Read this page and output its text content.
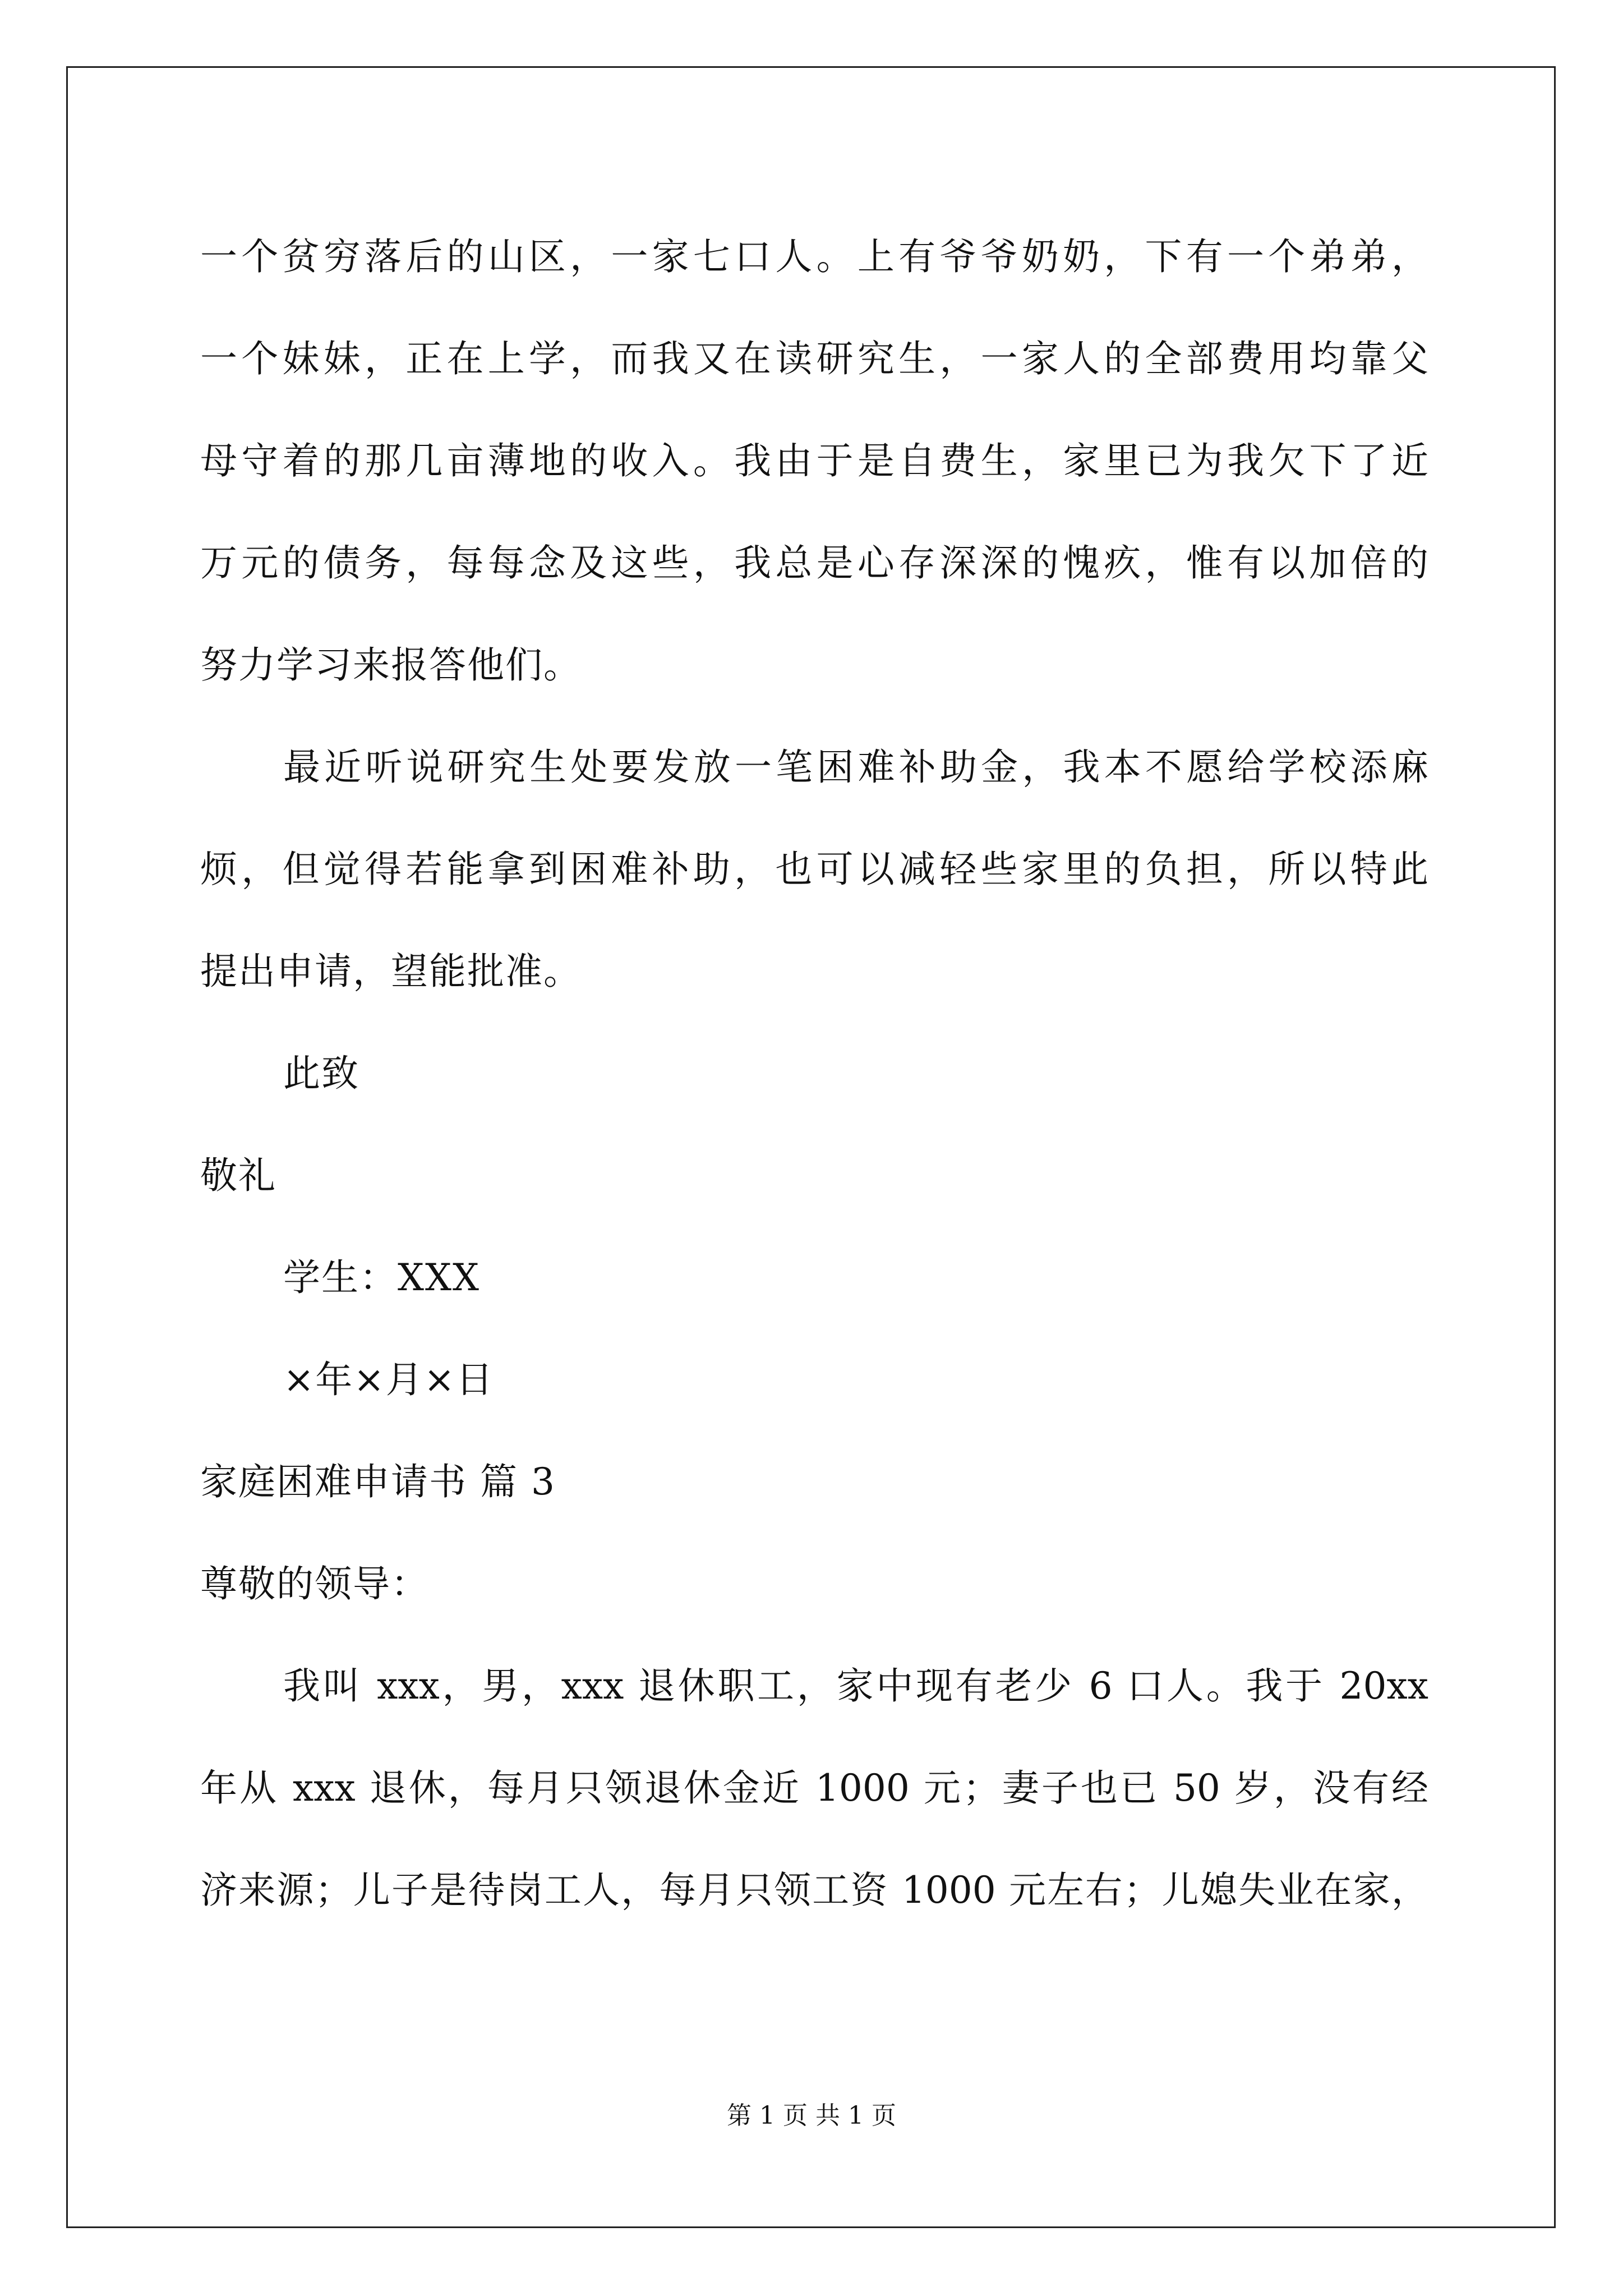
一个贫穷落后的山区，一家七口人。上有爷爷奶奶，下有一个弟弟，
一个妹妹，正在上学，而我又在读研究生，一家人的全部费用均靠父
母守着的那几亩薄地的收入。我由于是自费生，家里已为我欠下了近
万元的债务，每每念及这些，我总是心存深深的愧疚，惟有以加倍的
努力学习来报答他们。
最近听说研究生处要发放一笔困难补助金，我本不愿给学校添麻
烦，但觉得若能拿到困难补助，也可以减轻些家里的负担，所以特此
提出申请，望能批准。
此致
敬礼
学生：XXX
×年×月×日
家庭困难申请书 篇 3
尊敬的领导：
我叫 xxx，男，xxx 退休职工，家中现有老少 6 口人。我于 20xx
年从 xxx 退休，每月只领退休金近 1000 元；妻子也已 50 岁，没有经
济来源；儿子是待岗工人，每月只领工资 1000 元左右；儿媳失业在家，
第 1 页 共 1 页
